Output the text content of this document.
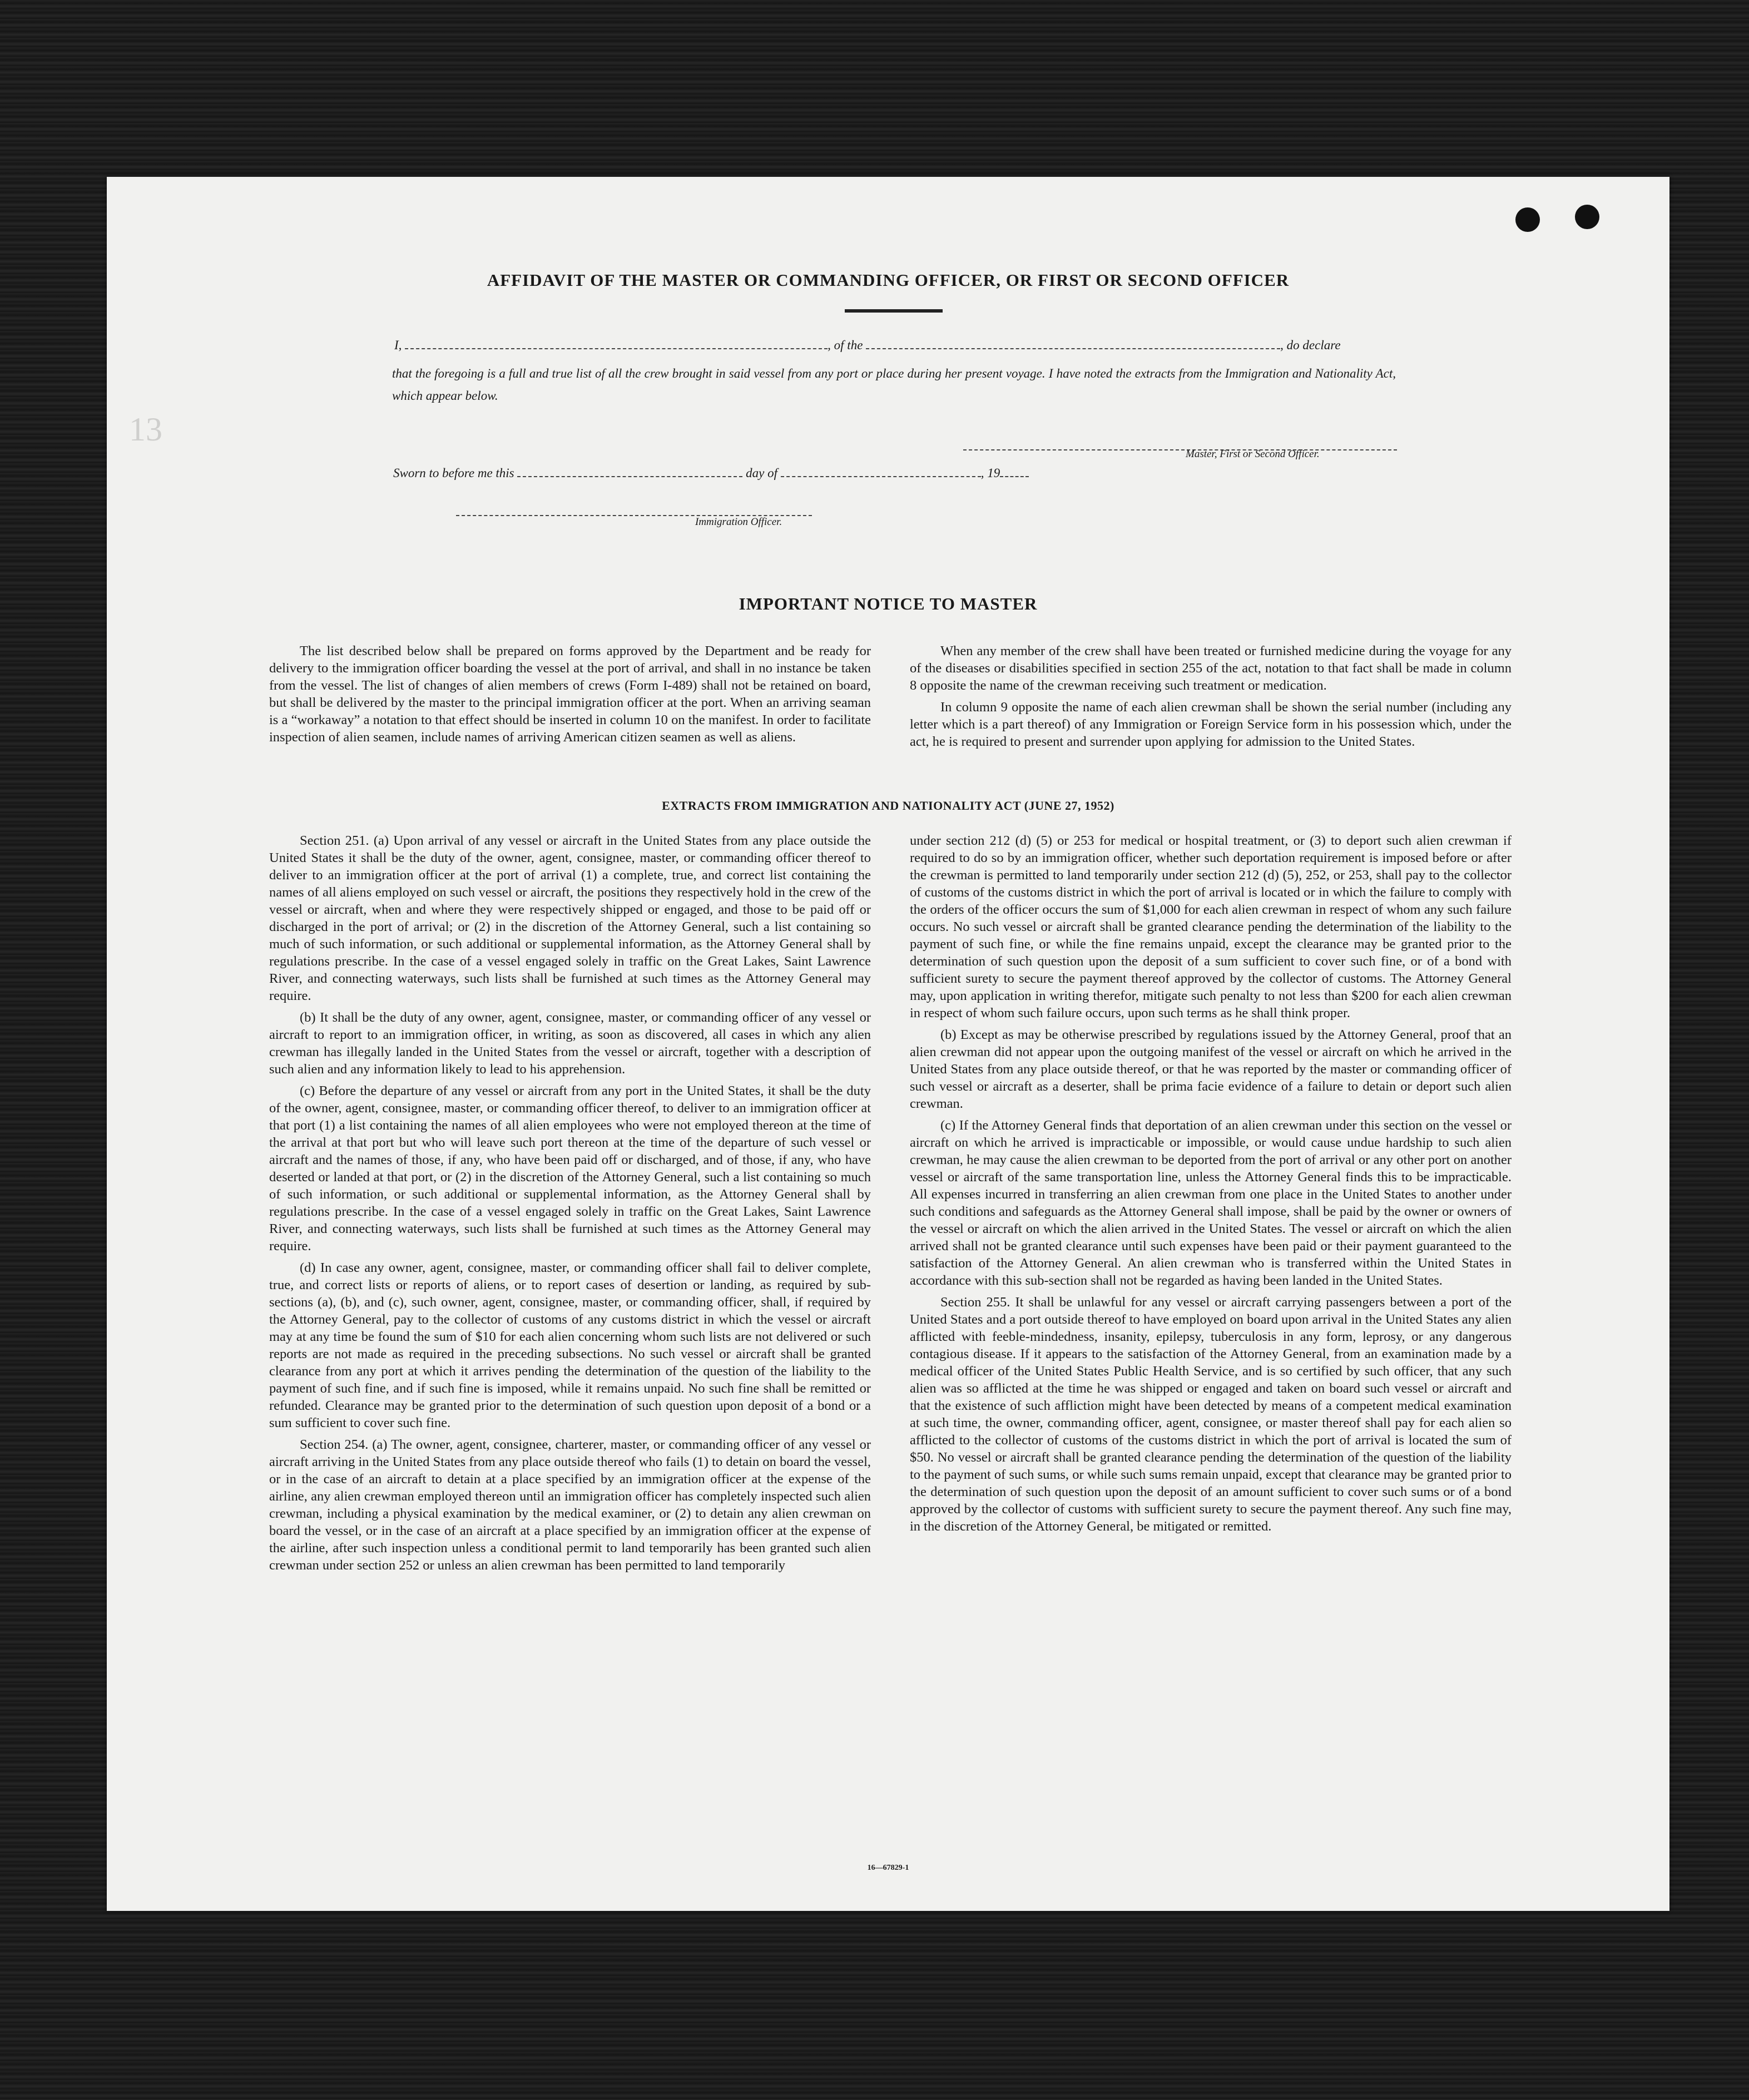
13
AFFIDAVIT OF THE MASTER OR COMMANDING OFFICER, OR FIRST OR SECOND OFFICER
I,	, of the	, do declare
that the foregoing is a full and true list of all the crew brought in said vessel from any port or place during her present voyage. I have noted the extracts from the Immigration and Nationality Act, which appear below.
Master, First or Second Officer.
Sworn to before me this	day of	, 19
Immigration Officer.
IMPORTANT NOTICE TO MASTER

The list described below shall be prepared on forms approved by the Department and be ready for delivery to the immigration officer boarding the vessel at the port of arrival, and shall in no instance be taken from the vessel. The list of changes of alien members of crews (Form I-489) shall not be retained on board, but shall be delivered by the master to the principal immigration officer at the port. When an arriving seaman is a “workaway” a notation to that effect should be inserted in column 10 on the manifest. In order to facilitate inspection of alien seamen, include names of arriving American citizen seamen as well as aliens.

When any member of the crew shall have been treated or furnished medicine during the voyage for any of the diseases or disabilities specified in section 255 of the act, notation to that fact shall be made in column 8 opposite the name of the crewman receiving such treatment or medication.

In column 9 opposite the name of each alien crewman shall be shown the serial number (including any letter which is a part thereof) of any Immigration or Foreign Service form in his possession which, under the act, he is required to present and surrender upon applying for admission to the United States.

EXTRACTS FROM IMMIGRATION AND NATIONALITY ACT (JUNE 27, 1952)

Section 251. (a) Upon arrival of any vessel or aircraft in the United States from any place outside the United States it shall be the duty of the owner, agent, consignee, master, or commanding officer thereof to deliver to an immigration officer at the port of arrival (1) a complete, true, and correct list containing the names of all aliens employed on such vessel or aircraft, the positions they respectively hold in the crew of the vessel or aircraft, when and where they were respectively shipped or engaged, and those to be paid off or discharged in the port of arrival; or (2) in the discretion of the Attorney General, such a list containing so much of such information, or such additional or supplemental information, as the Attorney General shall by regulations prescribe. In the case of a vessel engaged solely in traffic on the Great Lakes, Saint Lawrence River, and connecting waterways, such lists shall be furnished at such times as the Attorney General may require.

(b) It shall be the duty of any owner, agent, consignee, master, or commanding officer of any vessel or aircraft to report to an immigration officer, in writing, as soon as discovered, all cases in which any alien crewman has illegally landed in the United States from the vessel or aircraft, together with a description of such alien and any information likely to lead to his apprehension.

(c) Before the departure of any vessel or aircraft from any port in the United States, it shall be the duty of the owner, agent, consignee, master, or commanding officer thereof, to deliver to an immigration officer at that port (1) a list containing the names of all alien employees who were not employed thereon at the time of the arrival at that port but who will leave such port thereon at the time of the departure of such vessel or aircraft and the names of those, if any, who have been paid off or discharged, and of those, if any, who have deserted or landed at that port, or (2) in the discretion of the Attorney General, such a list containing so much of such information, or such additional or supplemental information, as the Attorney General shall by regulations prescribe. In the case of a vessel engaged solely in traffic on the Great Lakes, Saint Lawrence River, and connecting waterways, such lists shall be furnished at such times as the Attorney General may require.

(d) In case any owner, agent, consignee, master, or commanding officer shall fail to deliver complete, true, and correct lists or reports of aliens, or to report cases of desertion or landing, as required by sub-sections (a), (b), and (c), such owner, agent, consignee, master, or commanding officer, shall, if required by the Attorney General, pay to the collector of customs of any customs district in which the vessel or aircraft may at any time be found the sum of $10 for each alien concerning whom such lists are not delivered or such reports are not made as required in the preceding subsections. No such vessel or aircraft shall be granted clearance from any port at which it arrives pending the determination of the question of the liability to the payment of such fine, and if such fine is imposed, while it remains unpaid. No such fine shall be remitted or refunded. Clearance may be granted prior to the determination of such question upon deposit of a bond or a sum sufficient to cover such fine.

Section 254. (a) The owner, agent, consignee, charterer, master, or commanding officer of any vessel or aircraft arriving in the United States from any place outside thereof who fails (1) to detain on board the vessel, or in the case of an aircraft to detain at a place specified by an immigration officer at the expense of the airline, any alien crewman employed thereon until an immigration officer has completely inspected such alien crewman, including a physical examination by the medical examiner, or (2) to detain any alien crewman on board the vessel, or in the case of an aircraft at a place specified by an immigration officer at the expense of the airline, after such inspection unless a conditional permit to land temporarily has been granted such alien crewman under section 252 or unless an alien crewman has been permitted to land temporarily

under section 212 (d) (5) or 253 for medical or hospital treatment, or (3) to deport such alien crewman if required to do so by an immigration officer, whether such deportation requirement is imposed before or after the crewman is permitted to land temporarily under section 212 (d) (5), 252, or 253, shall pay to the collector of customs of the customs district in which the port of arrival is located or in which the failure to comply with the orders of the officer occurs the sum of $1,000 for each alien crewman in respect of whom any such failure occurs. No such vessel or aircraft shall be granted clearance pending the determination of the liability to the payment of such fine, or while the fine remains unpaid, except the clearance may be granted prior to the determination of such question upon the deposit of a sum sufficient to cover such fine, or of a bond with sufficient surety to secure the payment thereof approved by the collector of customs. The Attorney General may, upon application in writing therefor, mitigate such penalty to not less than $200 for each alien crewman in respect of whom such failure occurs, upon such terms as he shall think proper.

(b) Except as may be otherwise prescribed by regulations issued by the Attorney General, proof that an alien crewman did not appear upon the outgoing manifest of the vessel or aircraft on which he arrived in the United States from any place outside thereof, or that he was reported by the master or commanding officer of such vessel or aircraft as a deserter, shall be prima facie evidence of a failure to detain or deport such alien crewman.

(c) If the Attorney General finds that deportation of an alien crewman under this section on the vessel or aircraft on which he arrived is impracticable or impossible, or would cause undue hardship to such alien crewman, he may cause the alien crewman to be deported from the port of arrival or any other port on another vessel or aircraft of the same transportation line, unless the Attorney General finds this to be impracticable. All expenses incurred in transferring an alien crewman from one place in the United States to another under such conditions and safeguards as the Attorney General shall impose, shall be paid by the owner or owners of the vessel or aircraft on which the alien arrived in the United States. The vessel or aircraft on which the alien arrived shall not be granted clearance until such expenses have been paid or their payment guaranteed to the satisfaction of the Attorney General. An alien crewman who is transferred within the United States in accordance with this sub-section shall not be regarded as having been landed in the United States.

Section 255. It shall be unlawful for any vessel or aircraft carrying passengers between a port of the United States and a port outside thereof to have employed on board upon arrival in the United States any alien afflicted with feeble-mindedness, insanity, epilepsy, tuberculosis in any form, leprosy, or any dangerous contagious disease. If it appears to the satisfaction of the Attorney General, from an examination made by a medical officer of the United States Public Health Service, and is so certified by such officer, that any such alien was so afflicted at the time he was shipped or engaged and taken on board such vessel or aircraft and that the existence of such affliction might have been detected by means of a competent medical examination at such time, the owner, commanding officer, agent, consignee, or master thereof shall pay for each alien so afflicted to the collector of customs of the customs district in which the port of arrival is located the sum of $50. No vessel or aircraft shall be granted clearance pending the determination of the question of the liability to the payment of such sums, or while such sums remain unpaid, except that clearance may be granted prior to the determination of such question upon the deposit of an amount sufficient to cover such sums or of a bond approved by the collector of customs with sufficient surety to secure the payment thereof. Any such fine may, in the discretion of the Attorney General, be mitigated or remitted.

16—67829-1
